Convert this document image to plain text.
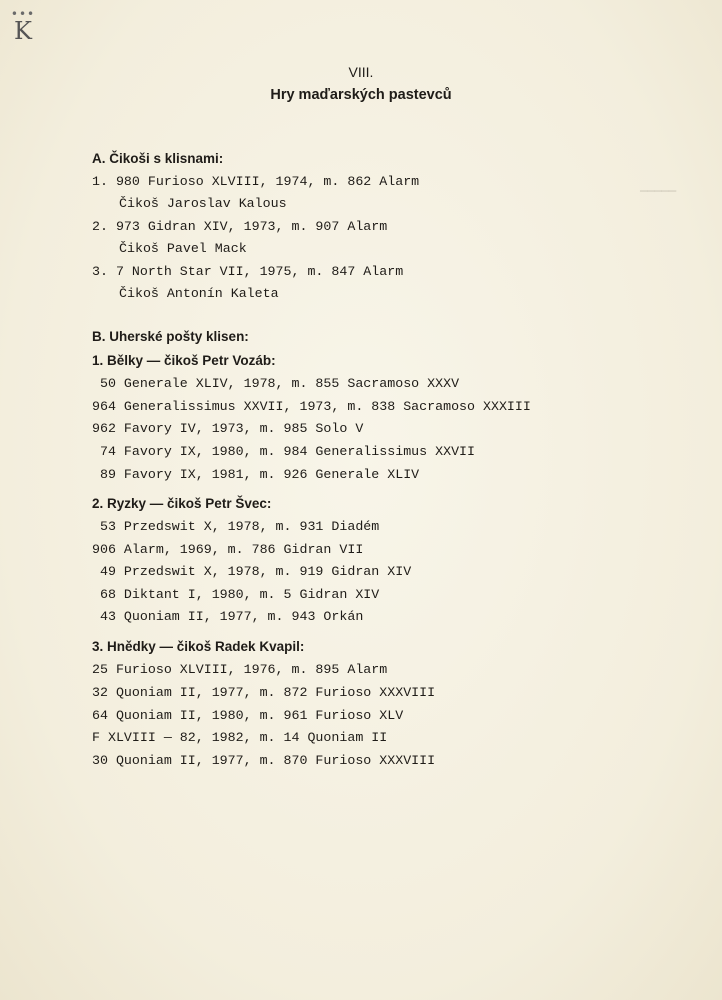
•••
K
▁▁▁▁▁
VIII.
Hry maďarských pastevců
A. Čikoši s klisnami:
1. 980 Furioso XLVIII, 1974, m. 862 Alarm
Čikoš Jaroslav Kalous
2. 973 Gidran XIV, 1973, m. 907 Alarm
Čikoš Pavel Mack
3. 7 North Star VII, 1975, m. 847 Alarm
Čikoš Antonín Kaleta
B. Uherské pošty klisen:
1. Bělky — čikoš Petr Vozáb:
50 Generale XLIV, 1978, m. 855 Sacramoso XXXV
964 Generalissimus XXVII, 1973, m. 838 Sacramoso XXXIII
962 Favory IV, 1973, m. 985 Solo V
74 Favory IX, 1980, m. 984 Generalissimus XXVII
89 Favory IX, 1981, m. 926 Generale XLIV
2. Ryzky — čikoš Petr Švec:
53 Przedswit X, 1978, m. 931 Diadém
906 Alarm, 1969, m. 786 Gidran VII
49 Przedswit X, 1978, m. 919 Gidran XIV
68 Diktant I, 1980, m. 5 Gidran XIV
43 Quoniam II, 1977, m. 943 Orkán
3. Hnědky — čikoš Radek Kvapil:
25 Furioso XLVIII, 1976, m. 895 Alarm
32 Quoniam II, 1977, m. 872 Furioso XXXVIII
64 Quoniam II, 1980, m. 961 Furioso XLV
F XLVIII — 82, 1982, m. 14 Quoniam II
30 Quoniam II, 1977, m. 870 Furioso XXXVIII
